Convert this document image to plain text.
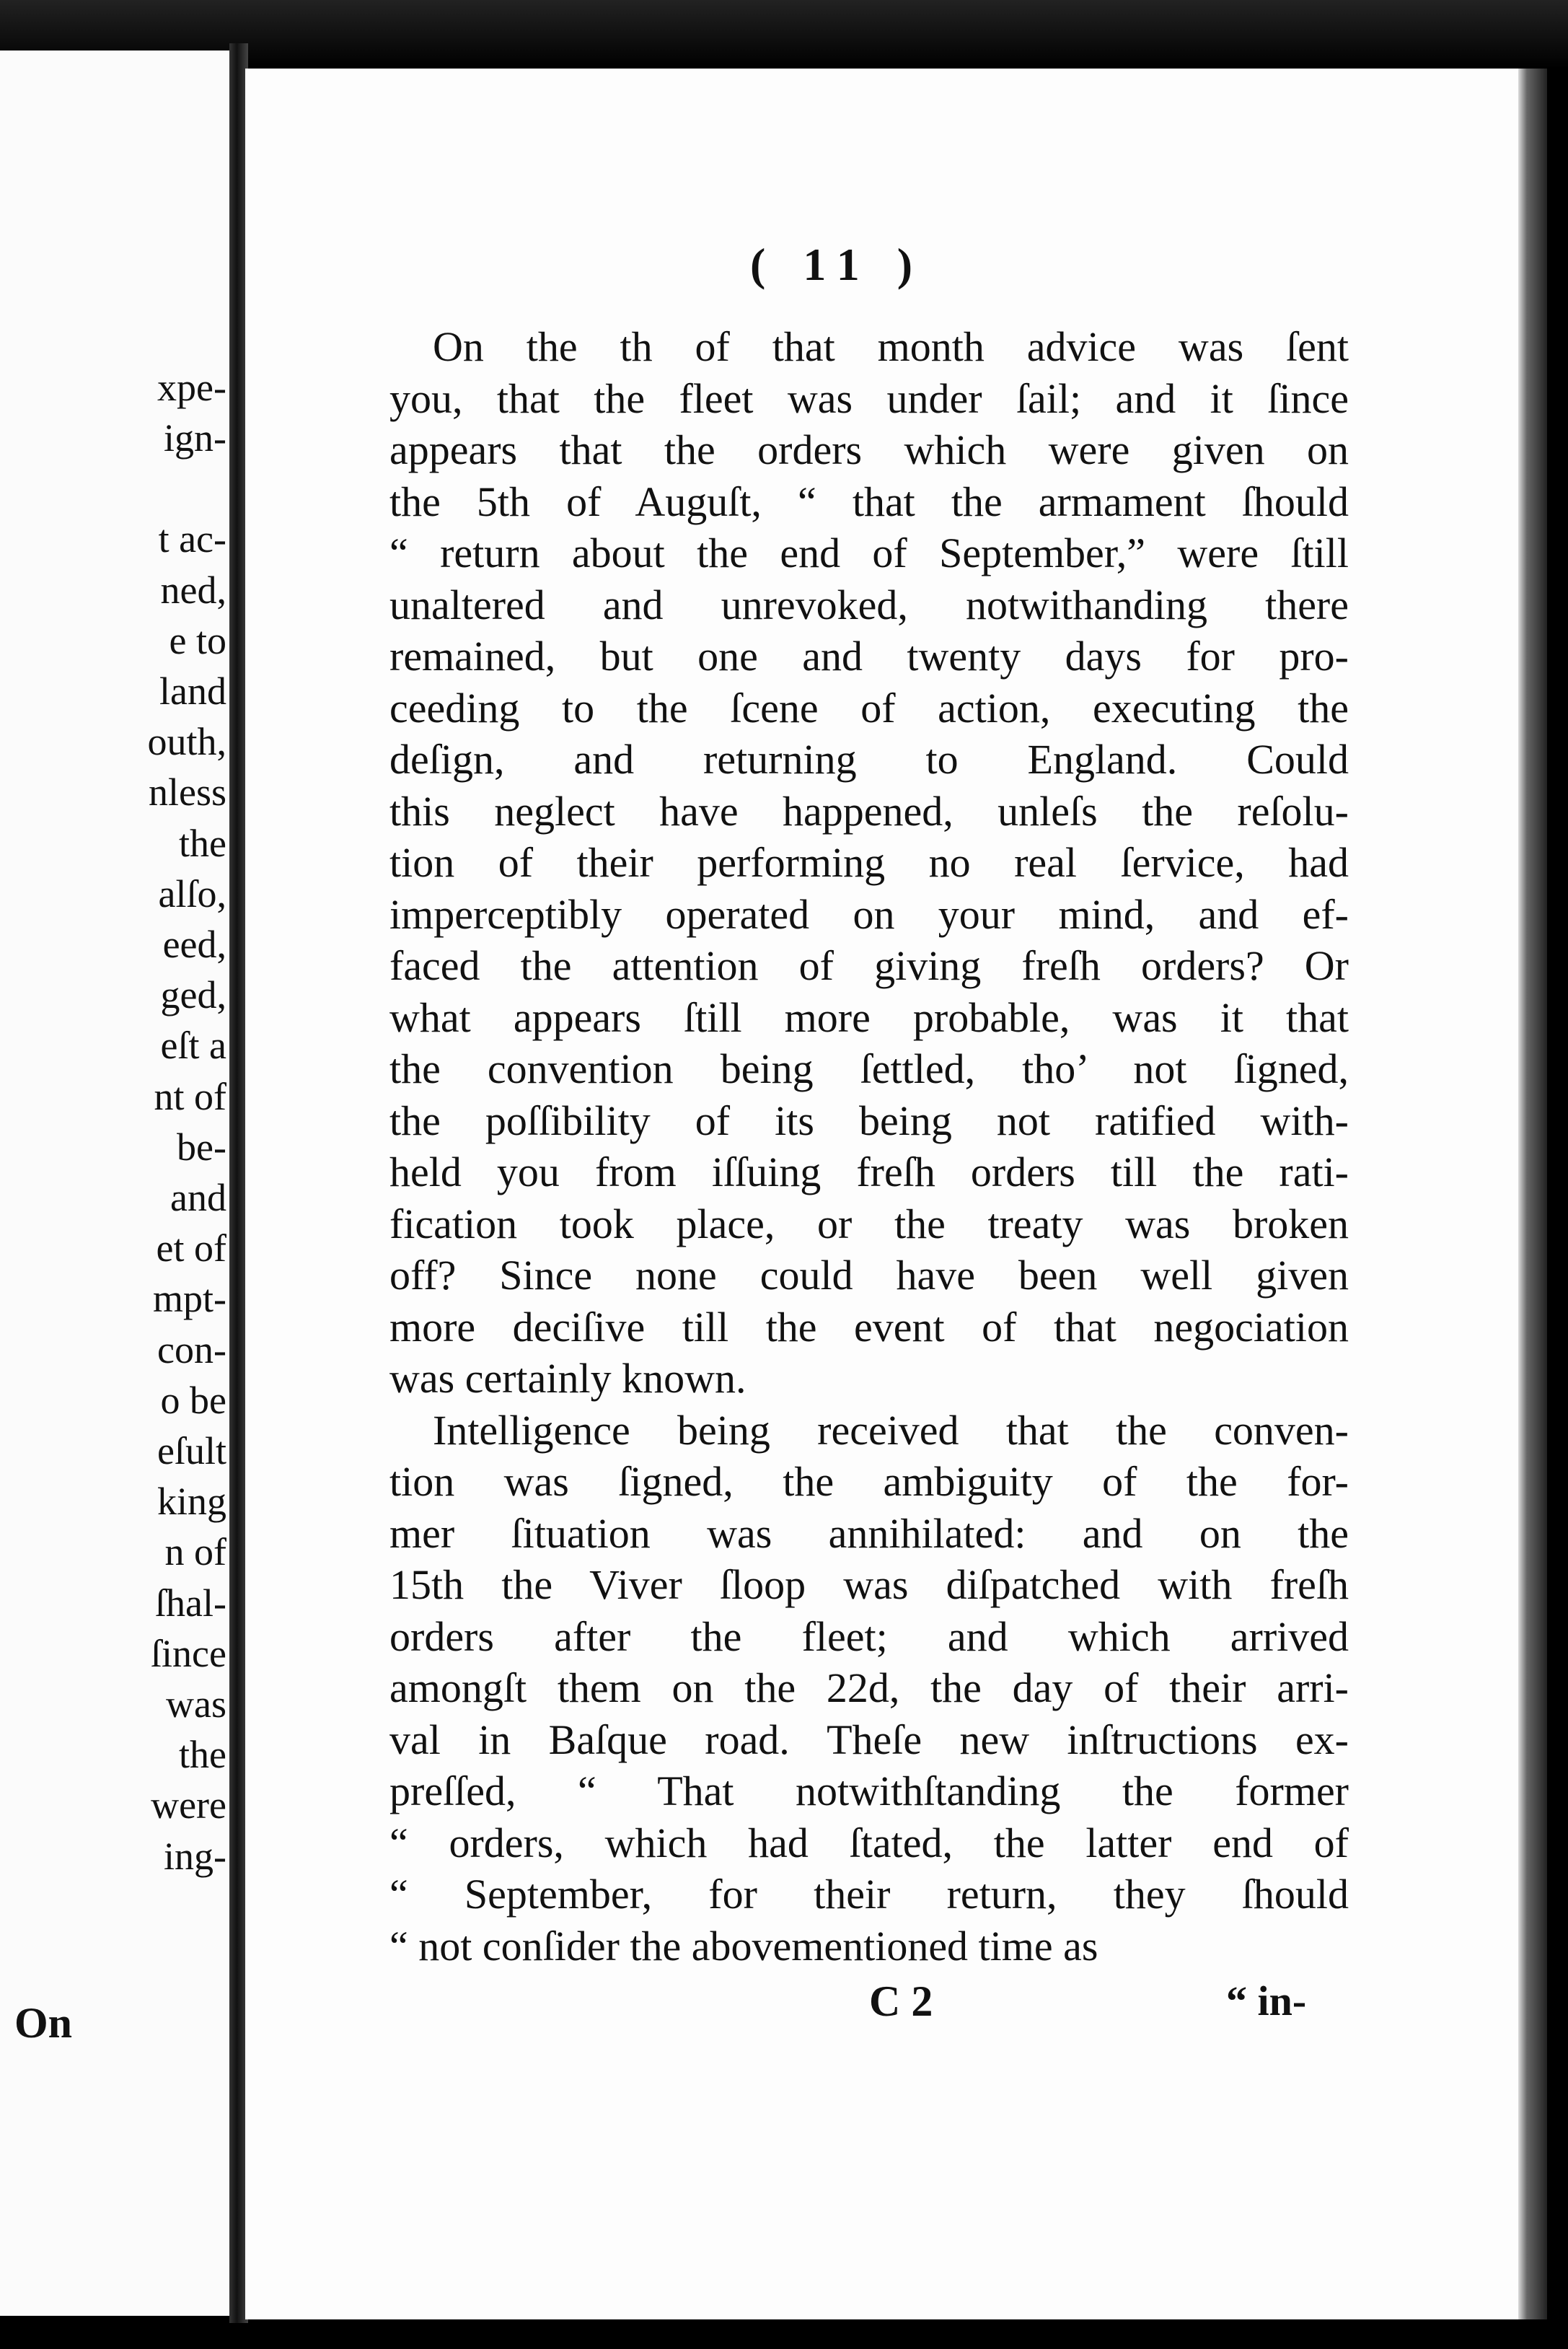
xpe-
ign-
t ac-
ned,
e to
land
outh,
nless
the
alſo,
eed,
ged,
eſt a
nt of
be-
and
et of
mpt-
con-
o be
eſult
king
n of
ſhal-
ſince
was
the
were
ing-
On
( 11 )
On the th of that month advice was ſent
you, that the fleet was under ſail; and it ſince
appears that the orders which were given on
the 5th of Auguſt, “ that the armament ſhould
“ return about the end of September,” were ſtill
unaltered and unrevoked, notwithanding there
remained, but one and twenty days for pro-
ceeding to the ſcene of action, executing the
deſign, and returning to England. Could
this neglect have happened, unleſs the reſolu-
tion of their performing no real ſervice, had
imperceptibly operated on your mind, and ef-
faced the attention of giving freſh orders? Or
what appears ſtill more probable, was it that
the convention being ſettled, tho’ not ſigned,
the poſſibility of its being not ratified with-
held you from iſſuing freſh orders till the rati-
fication took place, or the treaty was broken
off? Since none could have been well given
more deciſive till the event of that negociation
was certainly known.
Intelligence being received that the conven-
tion was ſigned, the ambiguity of the for-
mer ſituation was annihilated: and on the
15th the Viver ſloop was diſpatched with freſh
orders after the fleet; and which arrived
amongſt them on the 22d, the day of their arri-
val in Baſque road. Theſe new inſtructions ex-
preſſed, “ That notwithſtanding the former
“ orders, which had ſtated, the latter end of
“ September, for their return, they ſhould
“ not conſider the abovementioned time as
C 2	“ in-
